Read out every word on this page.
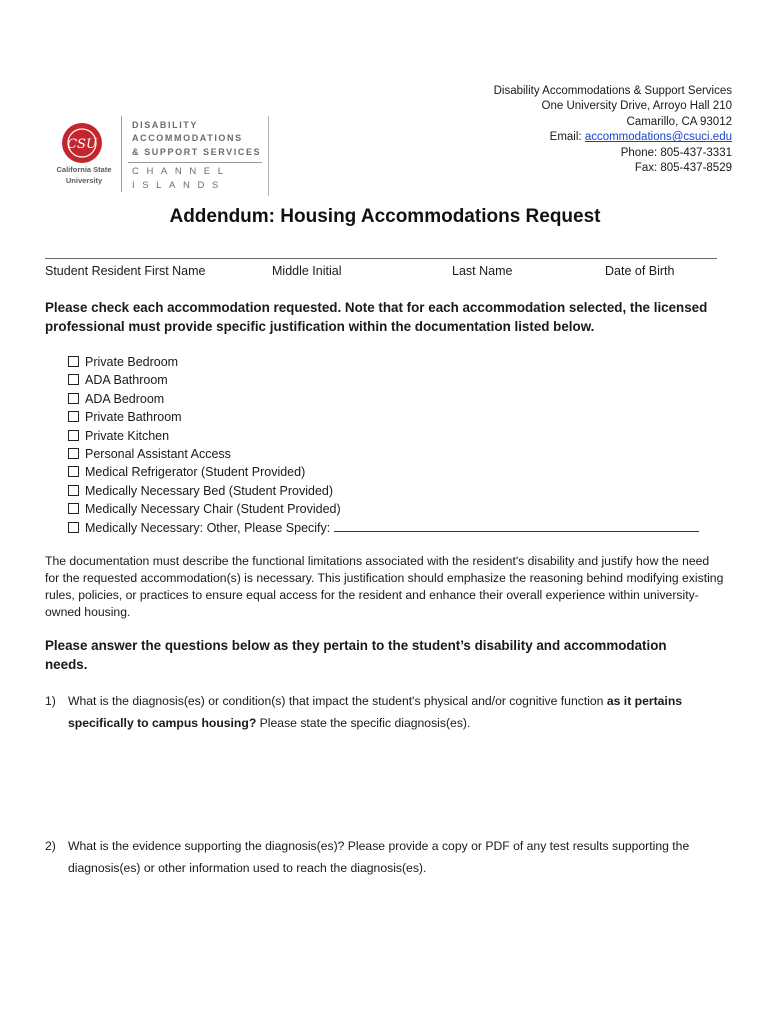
Disability Accommodations & Support Services
One University Drive, Arroyo Hall 210
Camarillo, CA 93012
Email: accommodations@csuci.edu
Phone: 805-437-3331
Fax: 805-437-8529
CSU
California State
University
DISABILITY
ACCOMMODATIONS
& SUPPORT SERVICES
CHANNEL
ISLANDS
Addendum: Housing Accommodations Request
Student Resident First Name	Middle Initial	Last Name	Date of Birth
Please check each accommodation requested. Note that for each accommodation selected, the licensed professional must provide specific justification within the documentation listed below.
Private Bedroom
ADA Bathroom
ADA Bedroom
Private Bathroom
Private Kitchen
Personal Assistant Access
Medical Refrigerator (Student Provided)
Medically Necessary Bed (Student Provided)
Medically Necessary Chair (Student Provided)
Medically Necessary: Other, Please Specify:
The documentation must describe the functional limitations associated with the resident's disability and justify how the need for the requested accommodation(s) is necessary. This justification should emphasize the reasoning behind modifying existing rules, policies, or practices to ensure equal access for the resident and enhance their overall experience within university-owned housing.
Please answer the questions below as they pertain to the student’s disability and accommodation needs.
1) What is the diagnosis(es) or condition(s) that impact the student's physical and/or cognitive function as it pertains specifically to campus housing? Please state the specific diagnosis(es).
2) What is the evidence supporting the diagnosis(es)? Please provide a copy or PDF of any test results supporting the diagnosis(es) or other information used to reach the diagnosis(es).
